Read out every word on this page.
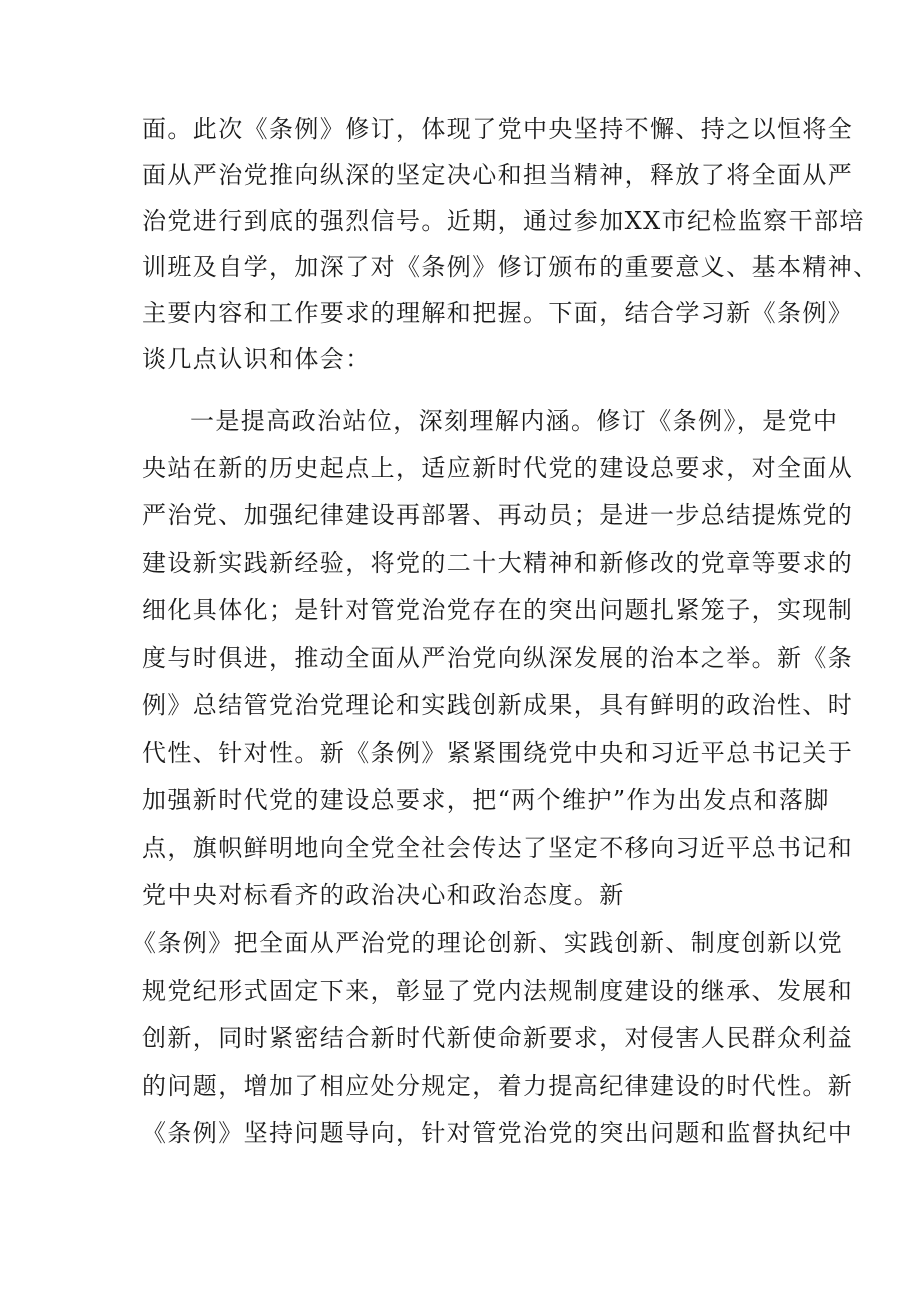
面。此次《条例》修订，体现了党中央坚持不懈、持之以恒将全
面从严治党推向纵深的坚定决心和担当精神，释放了将全面从严
治党进行到底的强烈信号。近期，通过参加XX市纪检监察干部培
训班及自学，加深了对《条例》修订颁布的重要意义、基本精神、
主要内容和工作要求的理解和把握。下面，结合学习新《条例》
谈几点认识和体会：
一是提高政治站位，深刻理解内涵。修订《条例》，是党中
央站在新的历史起点上，适应新时代党的建设总要求，对全面从
严治党、加强纪律建设再部署、再动员；是进一步总结提炼党的
建设新实践新经验，将党的二十大精神和新修改的党章等要求的
细化具体化；是针对管党治党存在的突出问题扎紧笼子，实现制
度与时俱进，推动全面从严治党向纵深发展的治本之举。新《条
例》总结管党治党理论和实践创新成果，具有鲜明的政治性、时
代性、针对性。新《条例》紧紧围绕党中央和习近平总书记关于
加强新时代党的建设总要求，把“两个维护”作为出发点和落脚
点，旗帜鲜明地向全党全社会传达了坚定不移向习近平总书记和
党中央对标看齐的政治决心和政治态度。新
《条例》把全面从严治党的理论创新、实践创新、制度创新以党
规党纪形式固定下来，彰显了党内法规制度建设的继承、发展和
创新，同时紧密结合新时代新使命新要求，对侵害人民群众利益
的问题，增加了相应处分规定，着力提高纪律建设的时代性。新
《条例》坚持问题导向，针对管党治党的突出问题和监督执纪中
